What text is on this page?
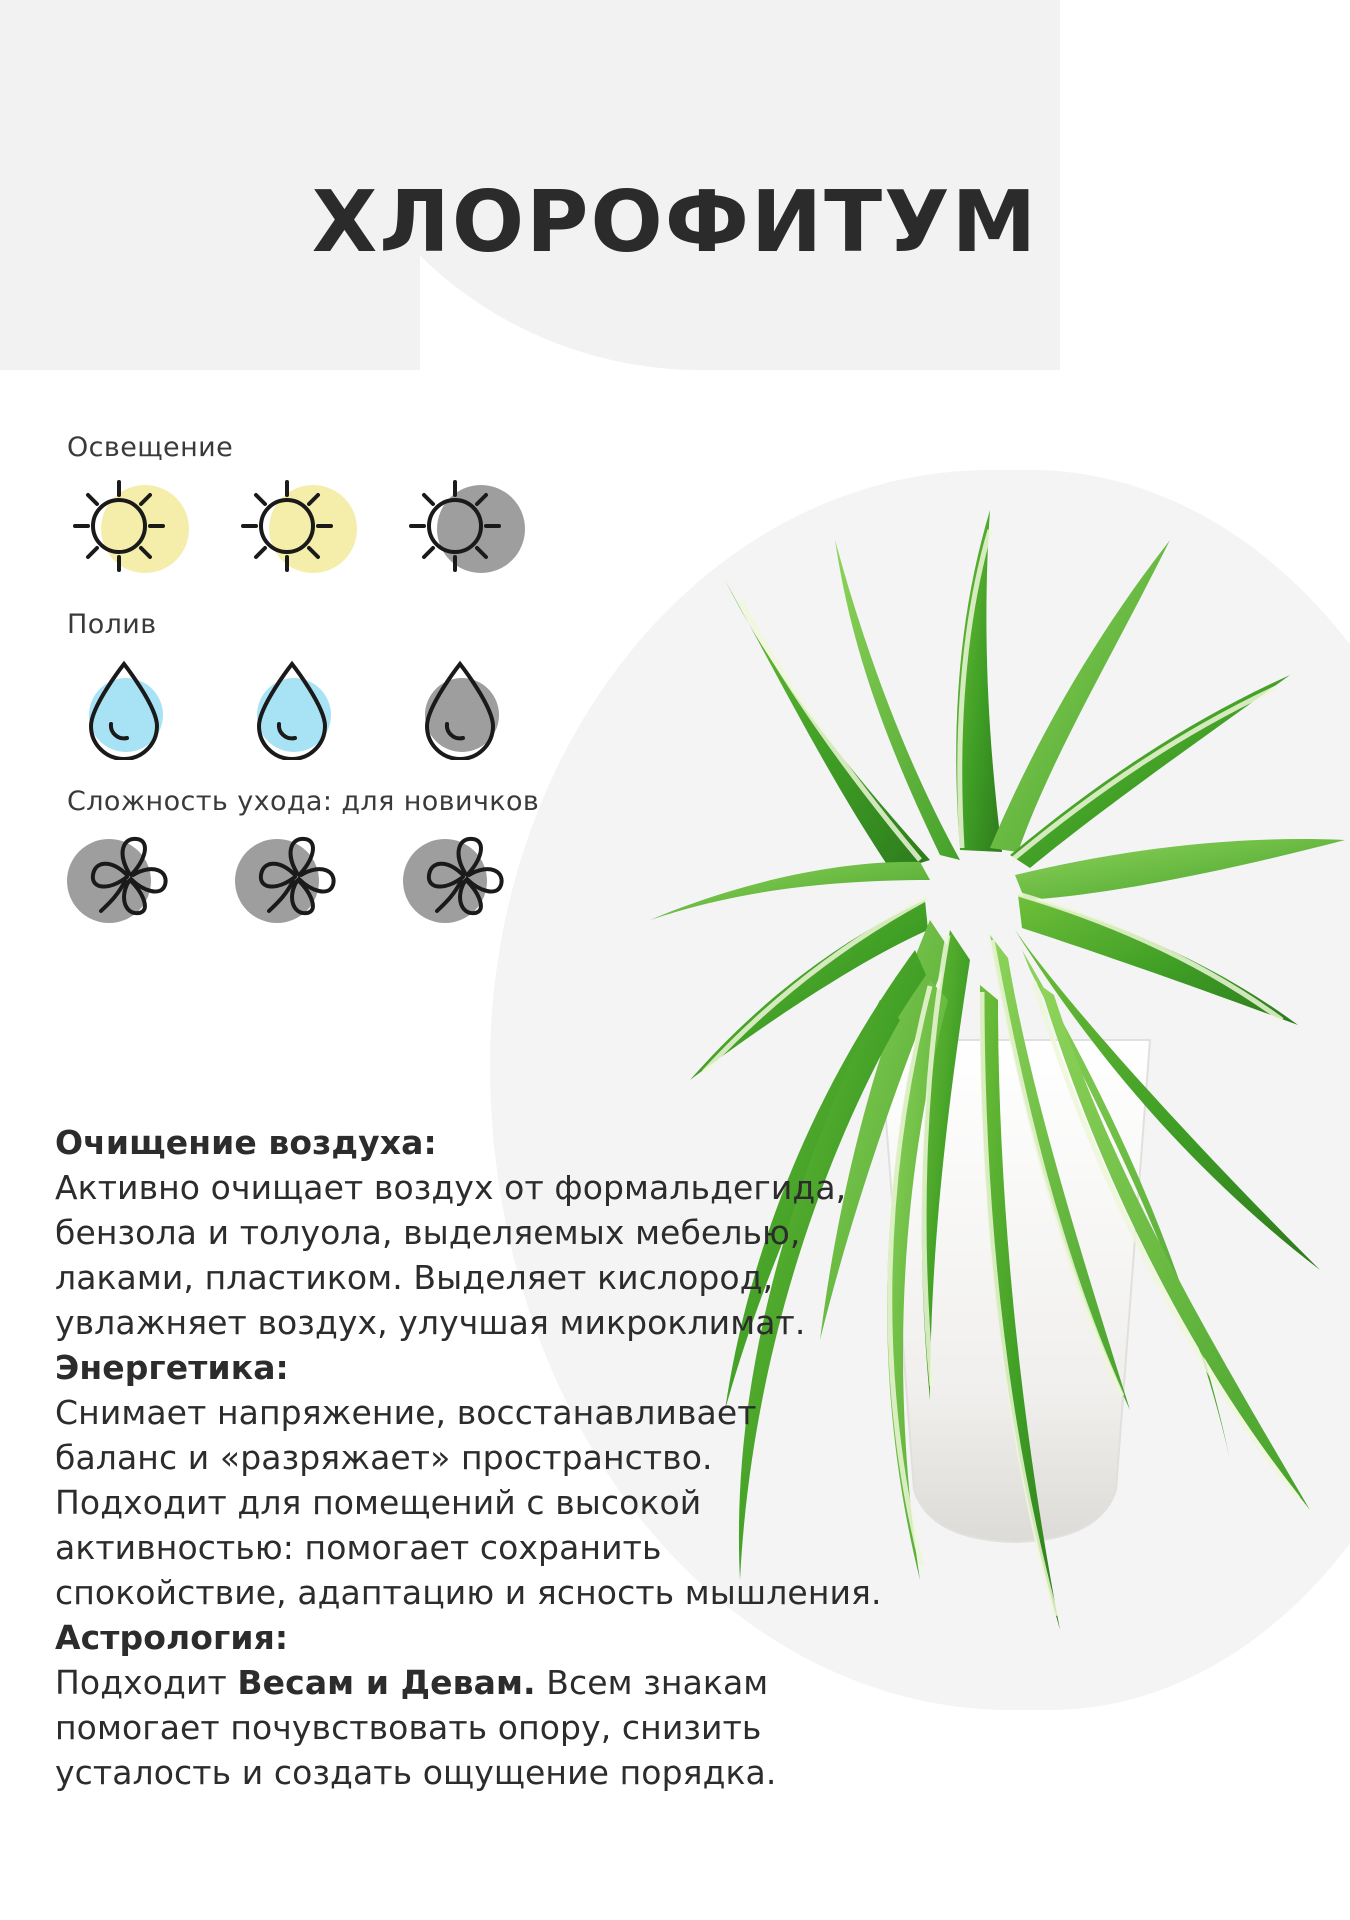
ХЛОРОФИТУМ
Освещение
Полив
Сложность ухода: для новичков

Очищение воздуха:
Активно очищает воздух от формальдегида, бензола и толуола, выделяемых мебелью, лаками, пластиком. Выделяет кислород, увлажняет воздух, улучшая микроклимат.

Энергетика:
Снимает напряжение, восстанавливает баланс и «разряжает» пространство. Подходит для помещений с высокой активностью: помогает сохранить спокойствие, адаптацию и ясность мышления.

Астрология:
Подходит Весам и Девам. Всем знакам помогает почувствовать опору, снизить усталость и создать ощущение порядка.
